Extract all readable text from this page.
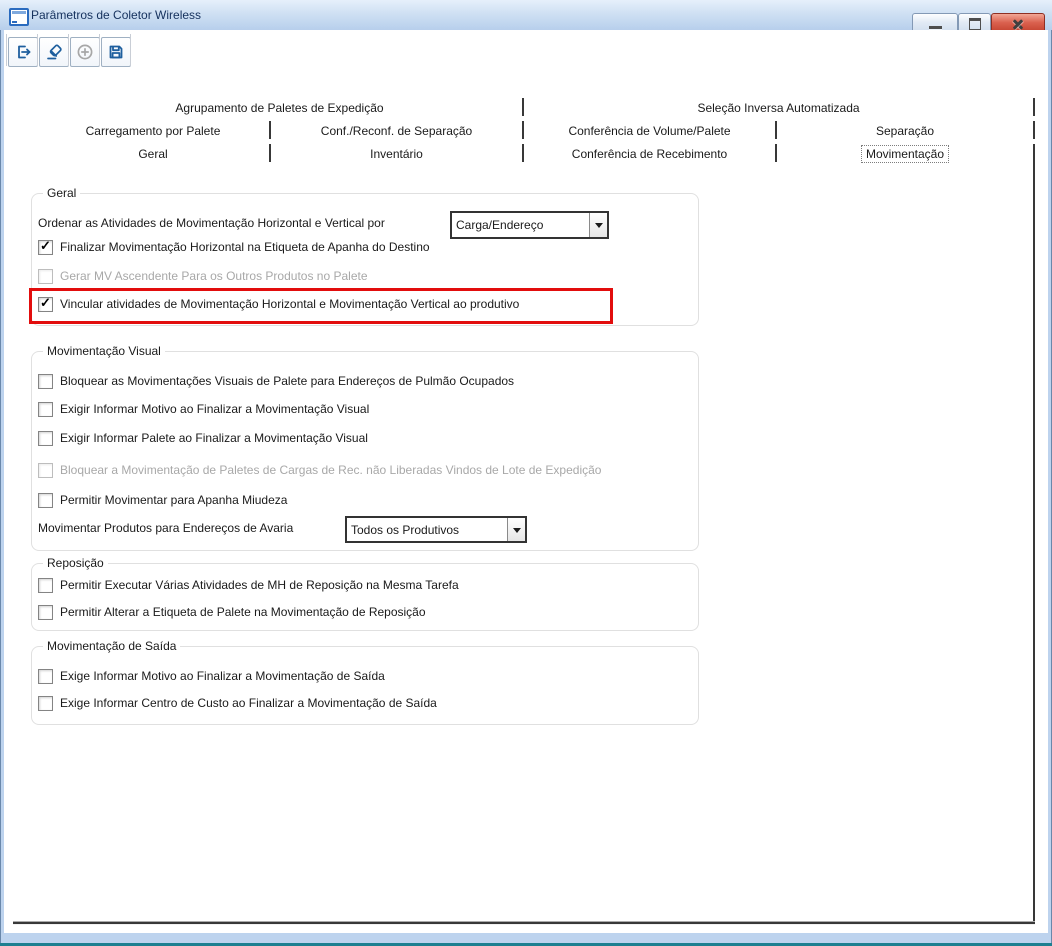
Parâmetros de Coletor Wireless
Agrupamento de Paletes de Expedição	Seleção Inversa Automatizada
Carregamento por Palete	Conf./Reconf. de Separação	Conferência de Volume/Palete	Separação
Geral	Inventário	Conferência de Recebimento	Movimentação
Geral
Ordenar as Atividades de Movimentação Horizontal e Vertical por	Carga/Endereço
✓
Finalizar Movimentação Horizontal na Etiqueta de Apanha do Destino
Gerar MV Ascendente Para os Outros Produtos no Palete
✓
Vincular atividades de Movimentação Horizontal e Movimentação Vertical ao produtivo
Movimentação Visual
Bloquear as Movimentações Visuais de Palete para Endereços de Pulmão Ocupados
Exigir Informar Motivo ao Finalizar a Movimentação Visual
Exigir Informar Palete ao Finalizar a Movimentação Visual
Bloquear a Movimentação de Paletes de Cargas de Rec. não Liberadas Vindos de Lote de Expedição
Permitir Movimentar para Apanha Miudeza
Movimentar Produtos para Endereços de Avaria	Todos os Produtivos
Reposição
Permitir Executar Várias Atividades de MH de Reposição na Mesma Tarefa
Permitir Alterar a Etiqueta de Palete na Movimentação de Reposição
Movimentação de Saída
Exige Informar Motivo ao Finalizar a Movimentação de Saída
Exige Informar Centro de Custo ao Finalizar a Movimentação de Saída
